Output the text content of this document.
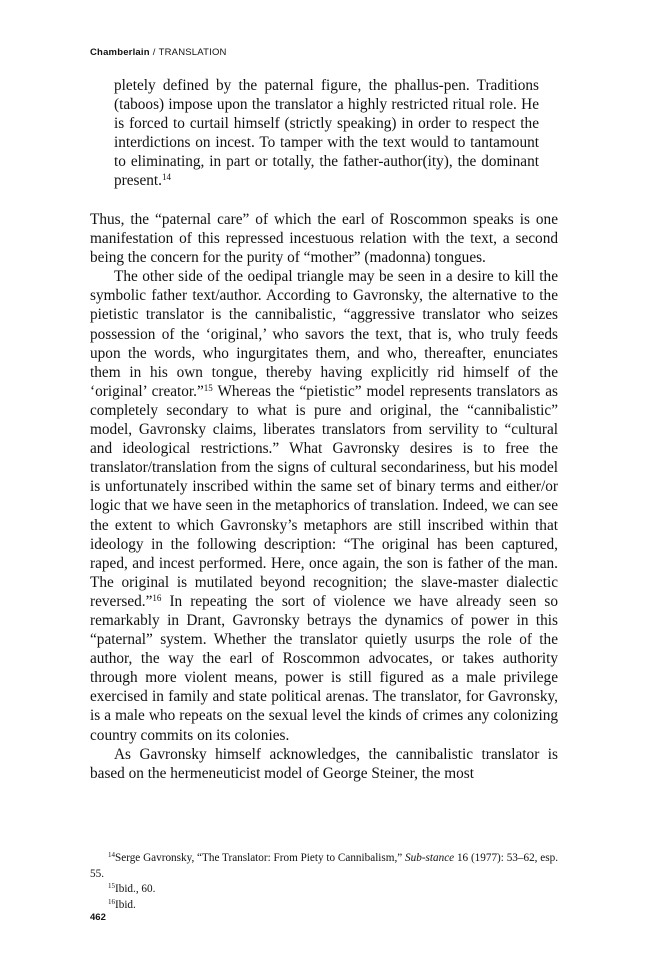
Chamberlain / TRANSLATION
pletely defined by the paternal figure, the phallus-pen. Traditions (taboos) impose upon the translator a highly restricted ritual role. He is forced to curtail himself (strictly speaking) in order to respect the interdictions on incest. To tamper with the text would to tantamount to eliminating, in part or totally, the father-author(ity), the dominant present.$^{14}$

Thus, the “paternal care” of which the earl of Roscommon speaks is one manifestation of this repressed incestuous relation with the text, a second being the concern for the purity of “mother” (madonna) tongues.

The other side of the oedipal triangle may be seen in a desire to kill the symbolic father text/author. According to Gavronsky, the alternative to the pietistic translator is the cannibalistic, “aggressive translator who seizes possession of the ‘original,’ who savors the text, that is, who truly feeds upon the words, who ingurgitates them, and who, thereafter, enunciates them in his own tongue, thereby having explicitly rid himself of the ‘original’ creator.”$^{15}$ Whereas the “pietistic” model represents translators as completely secondary to what is pure and original, the “cannibalistic” model, Gavronsky claims, liberates translators from servility to “cultural and ideological restrictions.” What Gavronsky desires is to free the translator/translation from the signs of cultural secondariness, but his model is unfortunately inscribed within the same set of binary terms and either/or logic that we have seen in the metaphorics of translation. Indeed, we can see the extent to which Gavronsky’s metaphors are still inscribed within that ideology in the following description: “The original has been captured, raped, and incest performed. Here, once again, the son is father of the man. The original is mutilated beyond recognition; the slave-master dialectic reversed.”$^{16}$ In repeating the sort of violence we have already seen so remarkably in Drant, Gavronsky betrays the dynamics of power in this “paternal” system. Whether the translator quietly usurps the role of the author, the way the earl of Roscommon advocates, or takes authority through more violent means, power is still figured as a male privilege exercised in family and state political arenas. The translator, for Gavronsky, is a male who repeats on the sexual level the kinds of crimes any colonizing country commits on its colonies.

As Gavronsky himself acknowledges, the cannibalistic translator is based on the hermeneuticist model of George Steiner, the most

$^{14}$Serge Gavronsky, “The Translator: From Piety to Cannibalism,” Sub-stance 16 (1977): 53–62, esp. 55.

$^{15}$Ibid., 60.

$^{16}$Ibid.

462
